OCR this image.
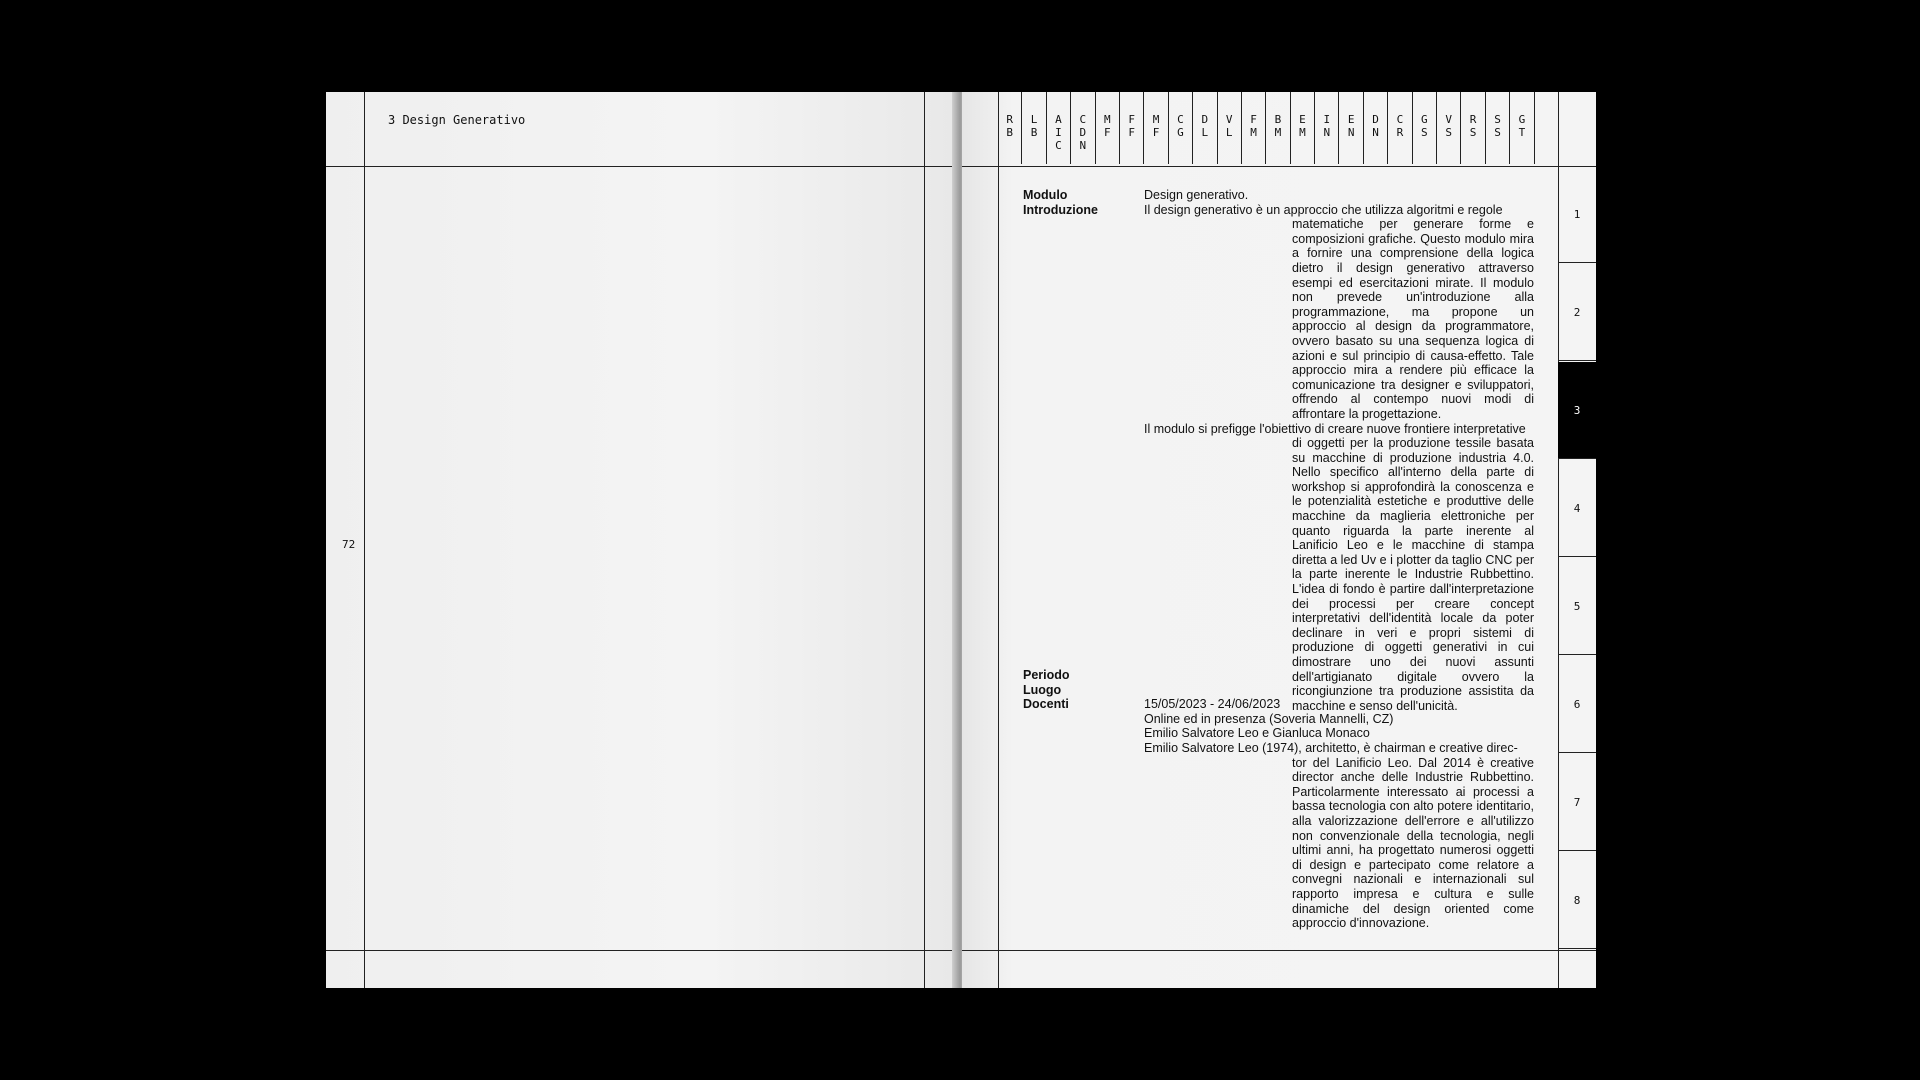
3 Design Generativo
72
RB
LB
AIC
CDN
MF
FF
MF
CG
DL
VL
FM
BM
EM
IN
EN
DN
CR
GS
VS
RS
SS
GT
1
2
3
4
5
6
7
8
Modulo
Introduzione
Periodo
Luogo
Docenti
Design generativo.
Il design generativo è un approccio che utilizza algoritmi e regole
matematiche per generare forme e composizioni grafiche. Questo modulo mira a fornire una comprensione della logica dietro il design generativo attraverso esempi ed esercitazioni mirate. Il modulo non prevede un'introduzione alla programmazione, ma propone un approccio al design da programmatore, ovvero basato su una sequenza logica di azioni e sul principio di causa-effetto. Tale approccio mira a rendere più efficace la comunicazione tra designer e sviluppatori, offrendo al contempo nuovi modi di affrontare la progettazione.
Il modulo si prefigge l'obiettivo di creare nuove frontiere interpretative
di oggetti per la produzione tessile basata su macchine di produzione industria 4.0. Nello specifico all'interno della parte di workshop si approfondirà la conoscenza e le potenzialità estetiche e produttive delle macchine da maglieria elettroniche per quanto riguarda la parte inerente al Lanificio Leo e le macchine di stampa diretta a led Uv e i plotter da taglio CNC per la parte inerente le Industrie Rubbettino. L'idea di fondo è partire dall'interpretazione dei processi per creare concept interpretativi dell'identità locale da poter declinare in veri e propri sistemi di produzione di oggetti generativi in cui dimostrare uno dei nuovi assunti dell'artigianato digitale ovvero la ricongiunzione tra produzione assistita da macchine e senso dell'unicità.
15/05/2023 - 24/06/2023
Online ed in presenza (Soveria Mannelli, CZ)
Emilio Salvatore Leo e Gianluca Monaco
Emilio Salvatore Leo (1974), architetto, è chairman e creative direc-
tor del Lanificio Leo. Dal 2014 è creative director anche delle Industrie Rubbettino. Particolarmente interessato ai processi a bassa tecnologia con alto potere identitario, alla valorizzazione dell'errore e all'utilizzo non convenzionale della tecnologia, negli ultimi anni, ha progettato numerosi oggetti di design e partecipato come relatore a convegni nazionali e internazionali sul rapporto impresa e cultura e sulle dinamiche del design oriented come approccio d'innovazione.
